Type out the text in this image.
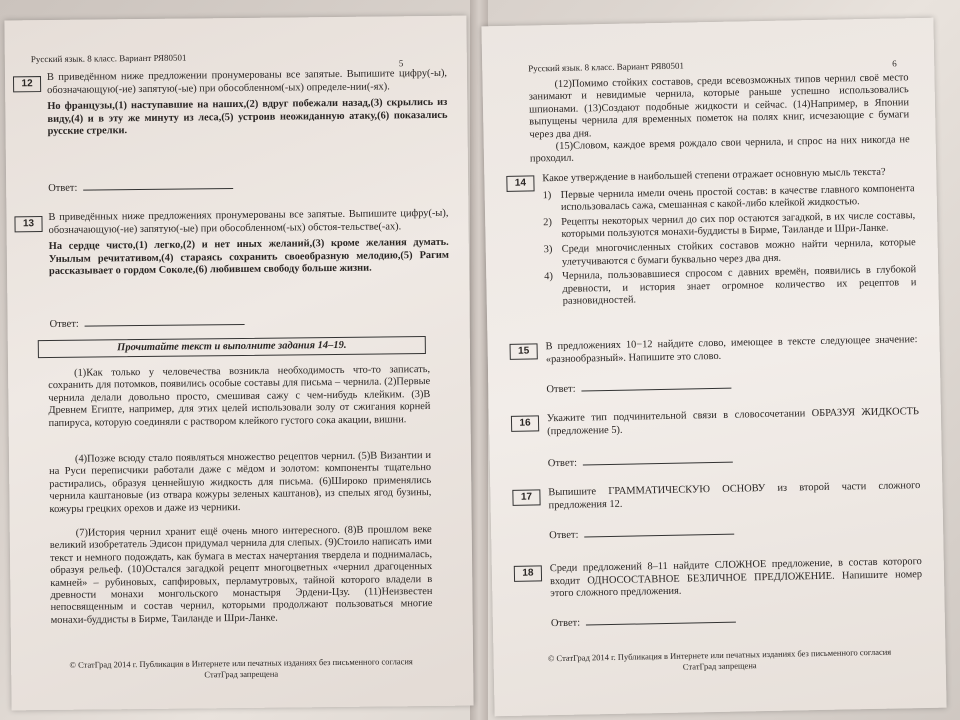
Русский язык. 8 класс. Вариант РЯ80501	5
12
В приведённом ниже предложении пронумерованы все запятые. Выпишите цифру(-ы), обозначающую(-ие) запятую(-ые) при обособленном(-ых) определе-нии(-ях).
Но французы,(1) наступавшие на наших,(2) вдруг побежали назад,(3) скрылись из виду,(4) и в эту же минуту из леса,(5) устроив неожиданную атаку,(6) показались русские стрелки.
Ответ:
13
В приведённых ниже предложениях пронумерованы все запятые. Выпишите цифру(-ы), обозначающую(-ие) запятую(-ые) при обособленном(-ых) обстоя-тельстве(-ах).
На сердце чисто,(1) легко,(2) и нет иных желаний,(3) кроме желания думать. Унылым речитативом,(4) стараясь сохранить своеобразную мелодию,(5) Рагим рассказывает о гордом Соколе,(6) любившем свободу больше жизни.
Ответ:
Прочитайте текст и выполните задания 14–19.
(1)Как только у человечества возникла необходимость что-то записать, сохранить для потомков, появились особые составы для письма – чернила. (2)Первые чернила делали довольно просто, смешивая сажу с чем-нибудь клейким. (3)В Древнем Египте, например, для этих целей использовали золу от сжигания корней папируса, которую соединяли с раствором клейкого густого сока акации, вишни.
(4)Позже всюду стало появляться множество рецептов чернил. (5)В Византии и на Руси переписчики работали даже с мёдом и золотом: компоненты тщательно растирались, образуя ценнейшую жидкость для письма. (6)Широко применялись чернила каштановые (из отвара кожуры зеленых каштанов), из спелых ягод бузины, кожуры грецких орехов и даже из черники.
(7)История чернил хранит ещё очень много интересного. (8)В прошлом веке великий изобретатель Эдисон придумал чернила для слепых. (9)Стоило написать ими текст и немного подождать, как бумага в местах начертания твердела и поднималась, образуя рельеф. (10)Остался загадкой рецепт многоцветных «чернил драгоценных камней» – рубиновых, сапфировых, перламутровых, тайной которого владели в древности монахи монгольского монастыря Эрдени-Цзу. (11)Неизвестен непосвященным и состав чернил, которыми продолжают пользоваться многие монахи-буддисты в Бирме, Таиланде и Шри-Ланке.
© СтатГрад 2014 г. Публикация в Интернете или печатных изданиях без письменного согласия
СтатГрад запрещена
Русский язык. 8 класс. Вариант РЯ80501	6
(12)Помимо стойких составов, среди всевозможных типов чернил своё место занимают и невидимые чернила, которые раньше успешно использовались шпионами. (13)Создают подобные жидкости и сейчас. (14)Например, в Японии выпущены чернила для временных пометок на полях книг, исчезающие с бумаги через два дня.
(15)Словом, каждое время рождало свои чернила, и спрос на них никогда не проходил.
14	Какое утверждение в наибольшей степени отражает основную мысль текста?
1) Первые чернила имели очень простой состав: в качестве главного компонента использовалась сажа, смешанная с какой-либо клейкой жидкостью.
2) Рецепты некоторых чернил до сих пор остаются загадкой, в их числе составы, которыми пользуются монахи-буддисты в Бирме, Таиланде и Шри-Ланке.
3) Среди многочисленных стойких составов можно найти чернила, которые улетучиваются с бумаги буквально через два дня.
4) Чернила, пользовавшиеся спросом с давних времён, появились в глубокой древности, и история знает огромное количество их рецептов и разновидностей.
15	В предложениях 10−12 найдите слово, имеющее в тексте следующее значение: «разнообразный». Напишите это слово.
Ответ:
16	Укажите тип подчинительной связи в словосочетании ОБРАЗУЯ ЖИДКОСТЬ (предложение 5).
Ответ:
17	Выпишите ГРАММАТИЧЕСКУЮ ОСНОВУ из второй части сложного предложения 12.
Ответ:
18	Среди предложений 8–11 найдите СЛОЖНОЕ предложение, в состав которого входит ОДНОСОСТАВНОЕ БЕЗЛИЧНОЕ ПРЕДЛОЖЕНИЕ. Напишите номер этого сложного предложения.
Ответ:
© СтатГрад 2014 г. Публикация в Интернете или печатных изданиях без письменного согласия
СтатГрад запрещена
